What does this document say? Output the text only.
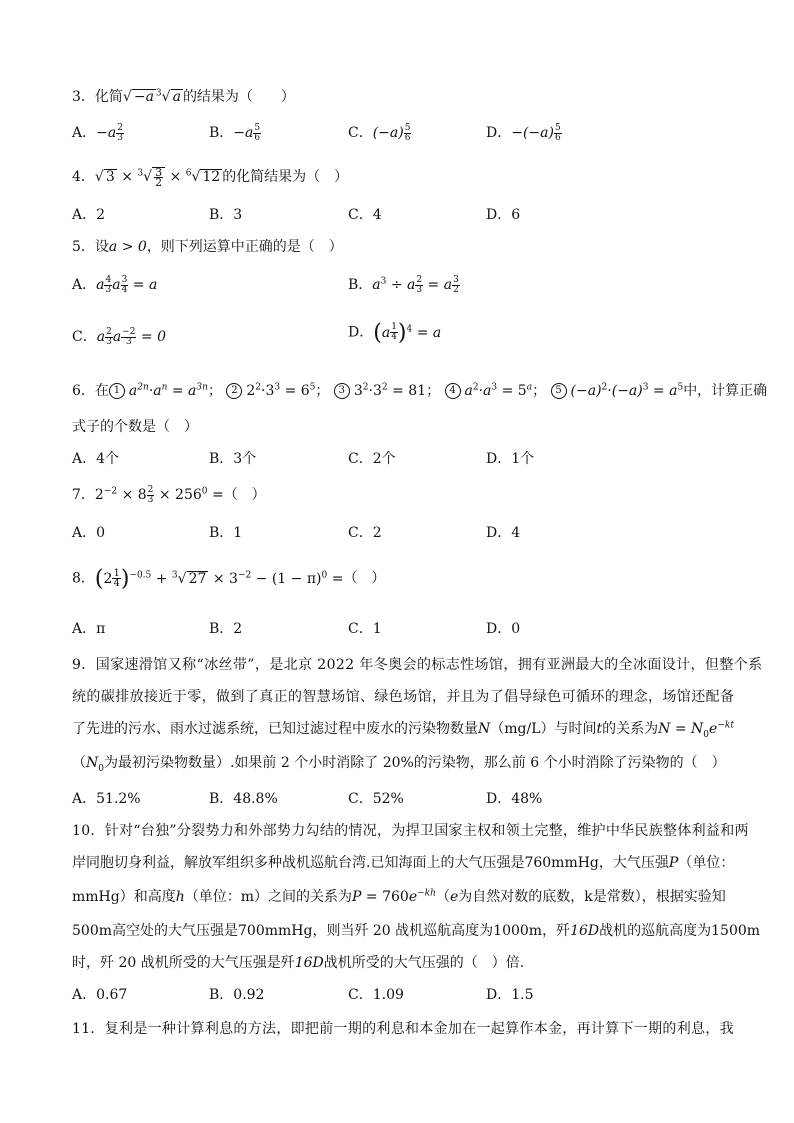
3．化简√ −a $^3$√ a 的结果为（　　）
A．$-a \frac{2}{3}$	B．$-a \frac{5}{6}$	C．$(-a) \frac{5}{6}$	D．$-(-a) \frac{5}{6}$
4．√ $3 \times ^3√ \frac{3}{2} \times ^6√$ 12 的化简结果为（　）
A．2	B．3	C．4	D．6
5．设a > 0，则下列运算中正确的是（　）
A．a $\frac{4}{3}$ a $\frac{3}{4} = a$	B．$a^3 \div a \frac{2}{3} = a \frac{3}{2}$
C．a $\frac{2}{3}$ a $\frac{-2}{3} = 0$	D．$(a \frac{1}{4} )^4 = a$
6．在 1 $a^{2n}\cdot a^n = a^{3n}$； 2 $2^2\cdot 3^3 = 6^5$； 3 $3^2\cdot 3^2 = 81$； 4 $a^2\cdot a^3 = 5^a$； 5 $(-a)^2\cdot(-a)^3 = a^5$中，计算正确
式子的个数是（　）
A．4个	B．3个	C．2个	D．1个
7．$2^{-2} \times 8 \frac{2}{3} \times 256^0$ =（　）
A．0	B．1	C．2	D．4
8．$(2 \frac{1}{4} )^{-0.5} + ^3√$ $27 \times 3^{-2} - (1 - \pi)^0$ =（　）
A．π	B．2	C．1	D．0
9．国家速滑馆又称“冰丝带”，是北京 2022 年冬奥会的标志性场馆，拥有亚洲最大的全冰面设计，但整个系
统的碳排放接近于零，做到了真正的智慧场馆、绿色场馆，并且为了倡导绿色可循环的理念，场馆还配备
了先进的污水、雨水过滤系统，已知过滤过程中废水的污染物数量N（mg/L）与时间t的关系为$N = N_0e^{-kt}$
（$N_0$为最初污染物数量）.如果前 2 个小时消除了 20%的污染物，那么前 6 个小时消除了污染物的（　）
A．51.2%	B．48.8%	C．52%	D．48%
10．针对“台独”分裂势力和外部势力勾结的情况，为捍卫国家主权和领土完整，维护中华民族整体利益和两
岸同胞切身利益，解放军组织多种战机巡航台湾.已知海面上的大气压强是760mmHg，大气压强P（单位：
mmHg）和高度h（单位：m）之间的关系为$P = 760e^{-kh}(e$为自然对数的底数，k是常数），根据实验知
500m高空处的大气压强是700mmHg，则当歼 20 战机巡航高度为1000m，歼16D战机的巡航高度为1500m
时，歼 20 战机所受的大气压强是歼16D战机所受的大气压强的（　）倍.
A．0.67	B．0.92	C．1.09	D．1.5
11．复利是一种计算利息的方法，即把前一期的利息和本金加在一起算作本金，再计算下一期的利息，我
